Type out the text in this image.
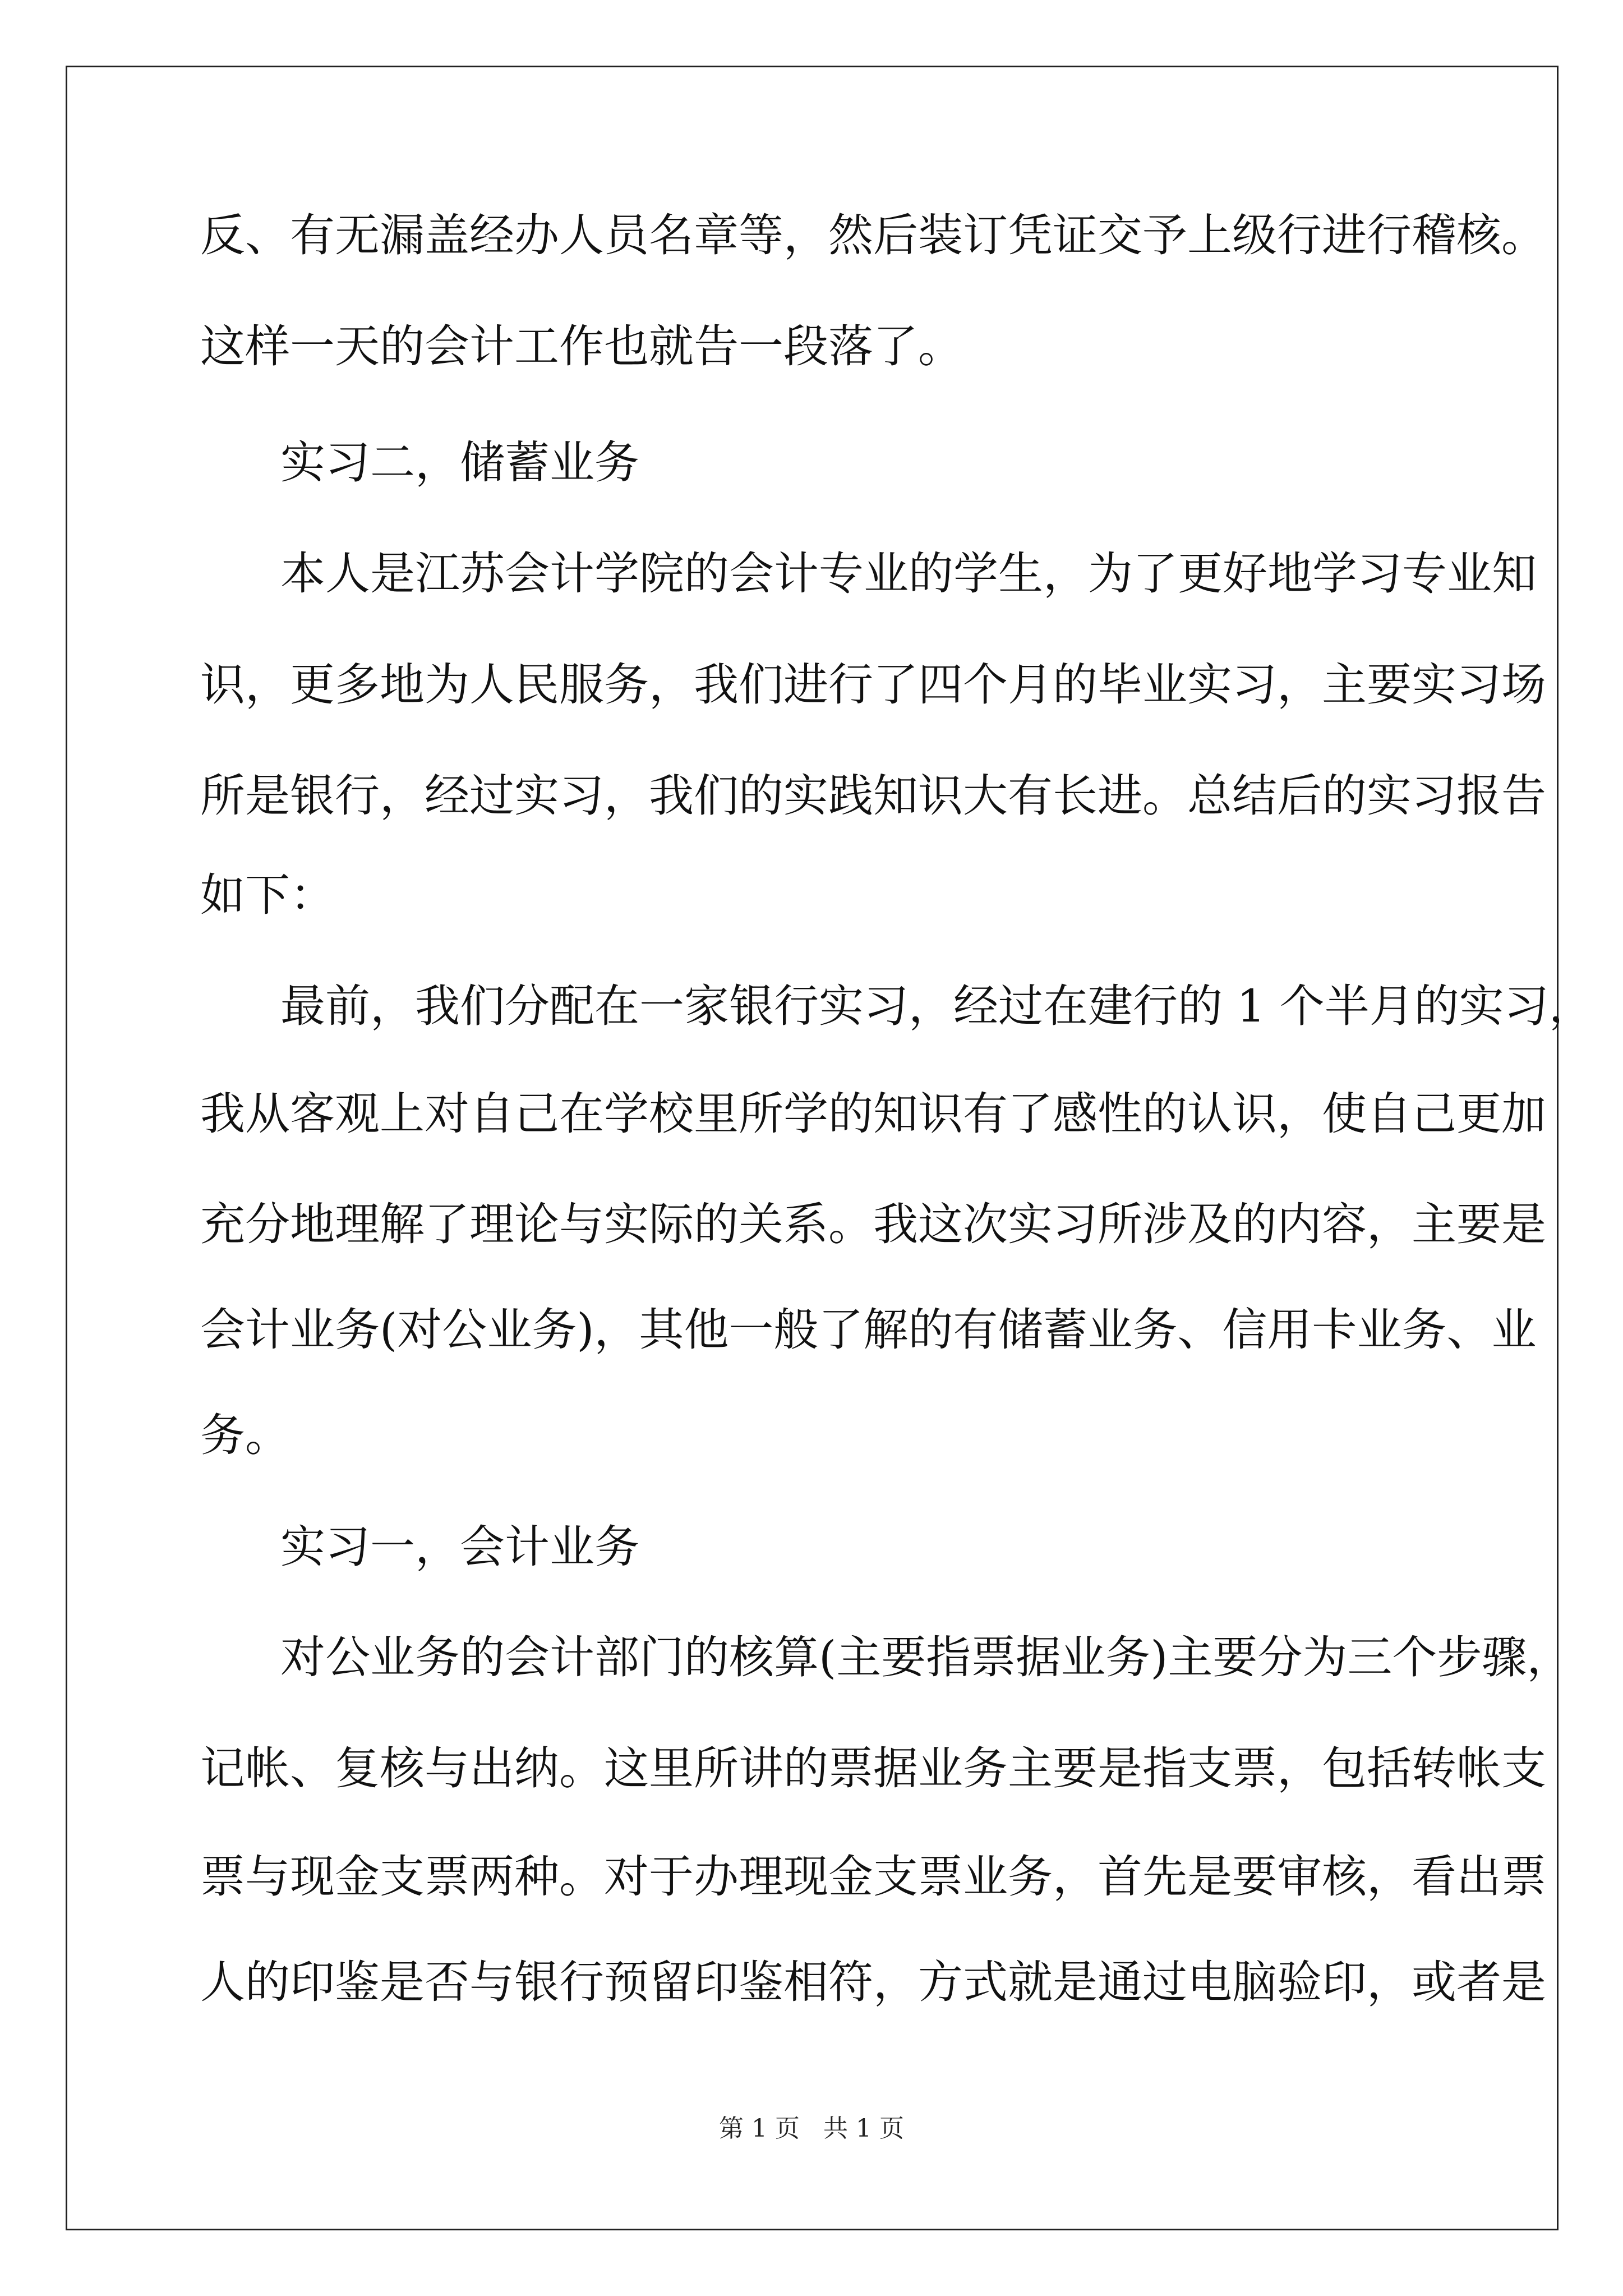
反、有无漏盖经办人员名章等，然后装订凭证交予上级行进行稽核。
这样一天的会计工作也就告一段落了。
实习二，储蓄业务
本人是江苏会计学院的会计专业的学生，为了更好地学习专业知
识，更多地为人民服务，我们进行了四个月的毕业实习，主要实习场
所是银行，经过实习，我们的实践知识大有长进。总结后的实习报告
如下：
最前，我们分配在一家银行实习，经过在建行的 1 个半月的实习，
我从客观上对自己在学校里所学的知识有了感性的认识，使自己更加
充分地理解了理论与实际的关系。我这次实习所涉及的内容，主要是
会计业务(对公业务)，其他一般了解的有储蓄业务、信用卡业务、业
务。
实习一，会计业务
对公业务的会计部门的核算(主要指票据业务)主要分为三个步骤，
记帐、复核与出纳。这里所讲的票据业务主要是指支票，包括转帐支
票与现金支票两种。对于办理现金支票业务，首先是要审核，看出票
人的印鉴是否与银行预留印鉴相符，方式就是通过电脑验印，或者是
第 1 页   共 1 页
